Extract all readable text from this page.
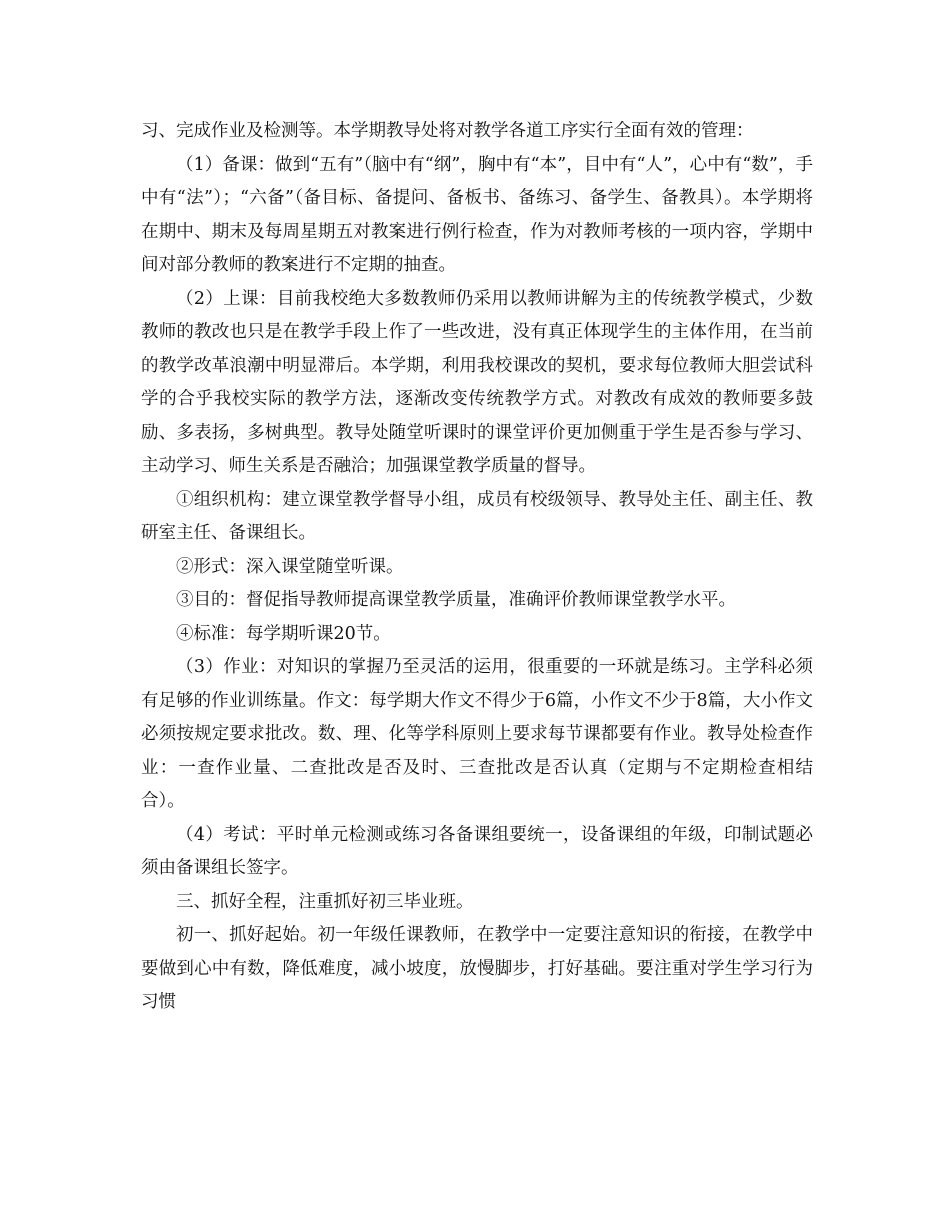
习、完成作业及检测等。本学期教导处将对教学各道工序实行全面有效的管理：

（1）备课：做到“五有”（脑中有“纲”，胸中有“本”，目中有“人”，心中有“数”，手中有“法”）；“六备”（备目标、备提问、备板书、备练习、备学生、备教具）。本学期将在期中、期末及每周星期五对教案进行例行检查，作为对教师考核的一项内容，学期中间对部分教师的教案进行不定期的抽查。

（2）上课：目前我校绝大多数教师仍采用以教师讲解为主的传统教学模式，少数教师的教改也只是在教学手段上作了一些改进，没有真正体现学生的主体作用，在当前的教学改革浪潮中明显滞后。本学期，利用我校课改的契机，要求每位教师大胆尝试科学的合乎我校实际的教学方法，逐渐改变传统教学方式。对教改有成效的教师要多鼓励、多表扬，多树典型。教导处随堂听课时的课堂评价更加侧重于学生是否参与学习、主动学习、师生关系是否融洽；加强课堂教学质量的督导。

①组织机构：建立课堂教学督导小组，成员有校级领导、教导处主任、副主任、教研室主任、备课组长。

②形式：深入课堂随堂听课。

③目的：督促指导教师提高课堂教学质量，准确评价教师课堂教学水平。

④标准：每学期听课20节。

（3）作业：对知识的掌握乃至灵活的运用，很重要的一环就是练习。主学科必须有足够的作业训练量。作文：每学期大作文不得少于6篇，小作文不少于8篇，大小作文必须按规定要求批改。数、理、化等学科原则上要求每节课都要有作业。教导处检查作业：一查作业量、二查批改是否及时、三查批改是否认真（定期与不定期检查相结合）。

（4）考试：平时单元检测或练习各备课组要统一，设备课组的年级，印制试题必须由备课组长签字。

三、抓好全程，注重抓好初三毕业班。

初一、抓好起始。初一年级任课教师，在教学中一定要注意知识的衔接，在教学中要做到心中有数，降低难度，减小坡度，放慢脚步，打好基础。要注重对学生学习行为习惯
